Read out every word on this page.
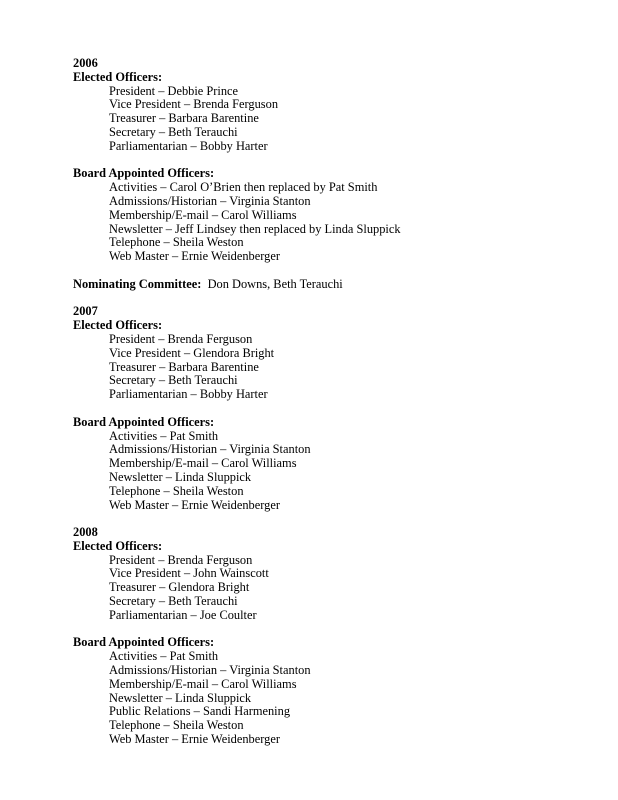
2006
Elected Officers:
President – Debbie Prince
Vice President – Brenda Ferguson
Treasurer – Barbara Barentine
Secretary – Beth Terauchi
Parliamentarian – Bobby Harter
Board Appointed Officers:
Activities – Carol O’Brien then replaced by Pat Smith
Admissions/Historian – Virginia Stanton
Membership/E-mail – Carol Williams
Newsletter – Jeff Lindsey then replaced by Linda Sluppick
Telephone – Sheila Weston
Web Master – Ernie Weidenberger
Nominating Committee: Don Downs, Beth Terauchi
2007
Elected Officers:
President – Brenda Ferguson
Vice President – Glendora Bright
Treasurer – Barbara Barentine
Secretary – Beth Terauchi
Parliamentarian – Bobby Harter
Board Appointed Officers:
Activities – Pat Smith
Admissions/Historian – Virginia Stanton
Membership/E-mail – Carol Williams
Newsletter – Linda Sluppick
Telephone – Sheila Weston
Web Master – Ernie Weidenberger
2008
Elected Officers:
President – Brenda Ferguson
Vice President – John Wainscott
Treasurer – Glendora Bright
Secretary – Beth Terauchi
Parliamentarian – Joe Coulter
Board Appointed Officers:
Activities – Pat Smith
Admissions/Historian – Virginia Stanton
Membership/E-mail – Carol Williams
Newsletter – Linda Sluppick
Public Relations – Sandi Harmening
Telephone – Sheila Weston
Web Master – Ernie Weidenberger
